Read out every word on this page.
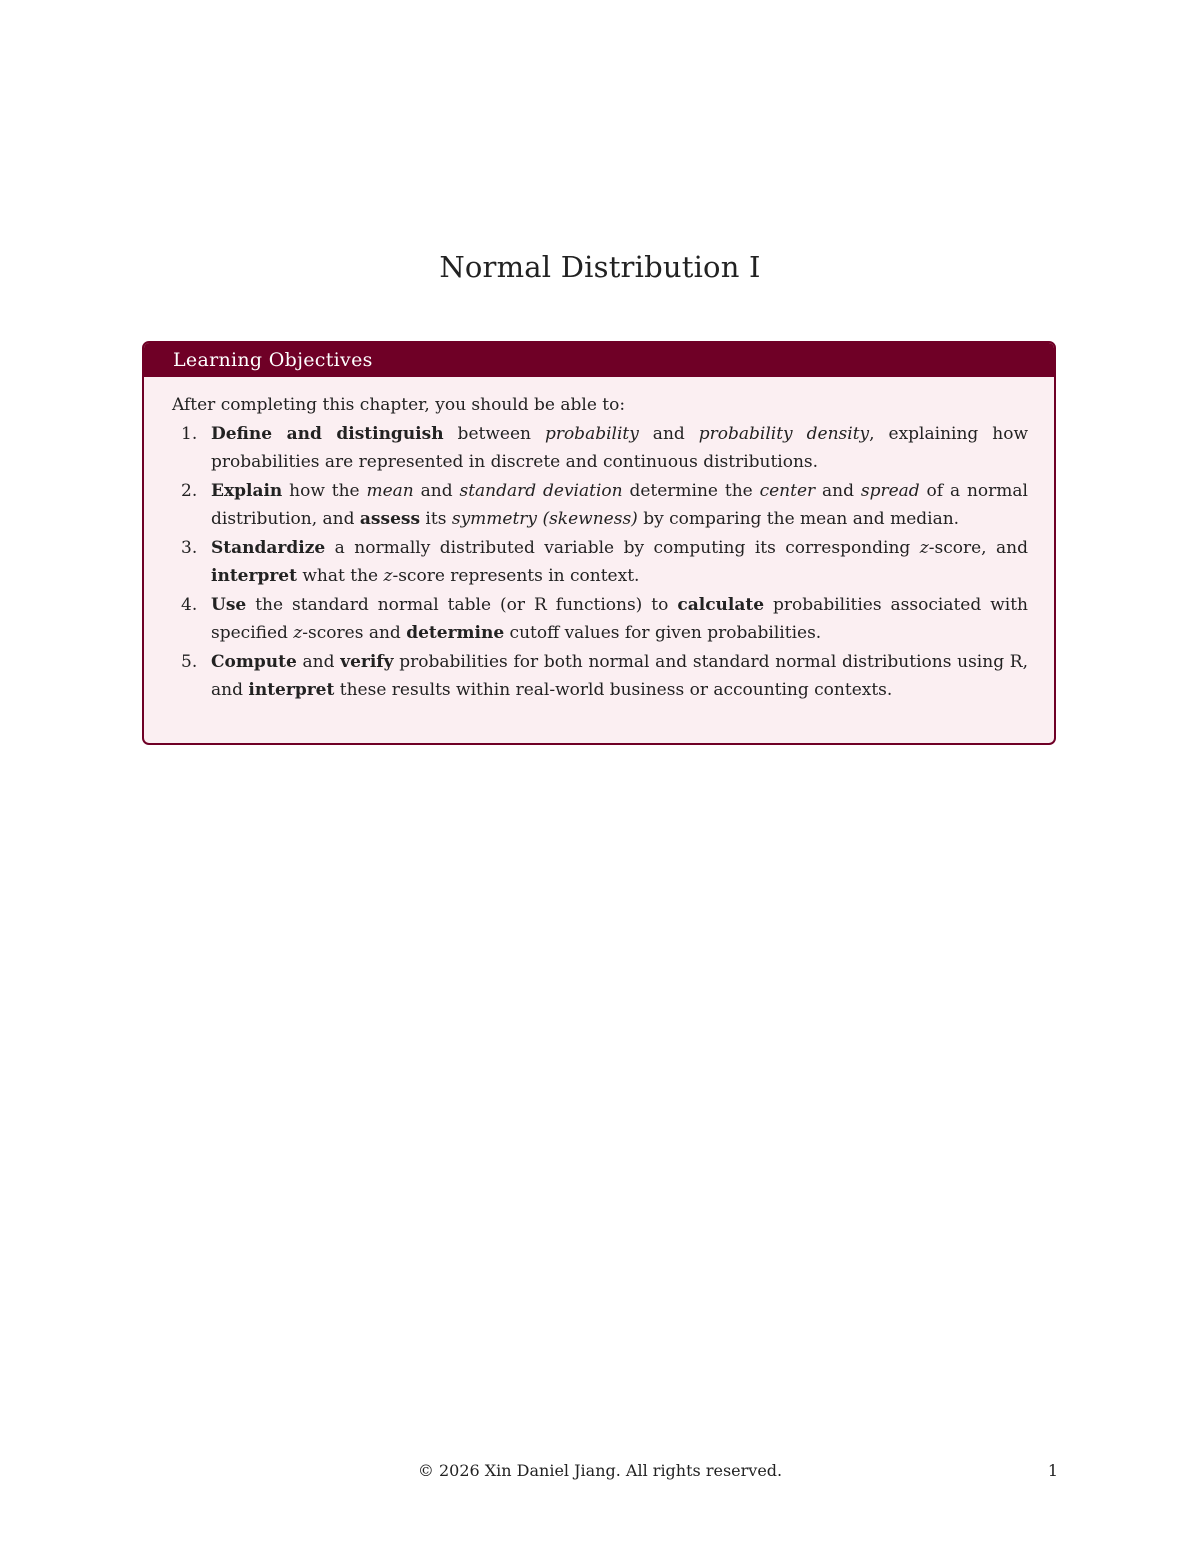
Normal Distribution I
Learning Objectives

After completing this chapter, you should be able to:

1. Define and distinguish between probability and probability density, explaining how probabilities are represented in discrete and continuous distributions.
2. Explain how the mean and standard deviation determine the center and spread of a normal distribution, and assess its symmetry (skewness) by comparing the mean and median.
3. Standardize a normally distributed variable by computing its corresponding z-score, and interpret what the z-score represents in context.
4. Use the standard normal table (or R functions) to calculate probabilities associated with specified z-scores and determine cutoff values for given probabilities.
5. Compute and verify probabilities for both normal and standard normal distributions using R, and interpret these results within real-world business or accounting contexts.
© 2026 Xin Daniel Jiang. All rights reserved.	1
